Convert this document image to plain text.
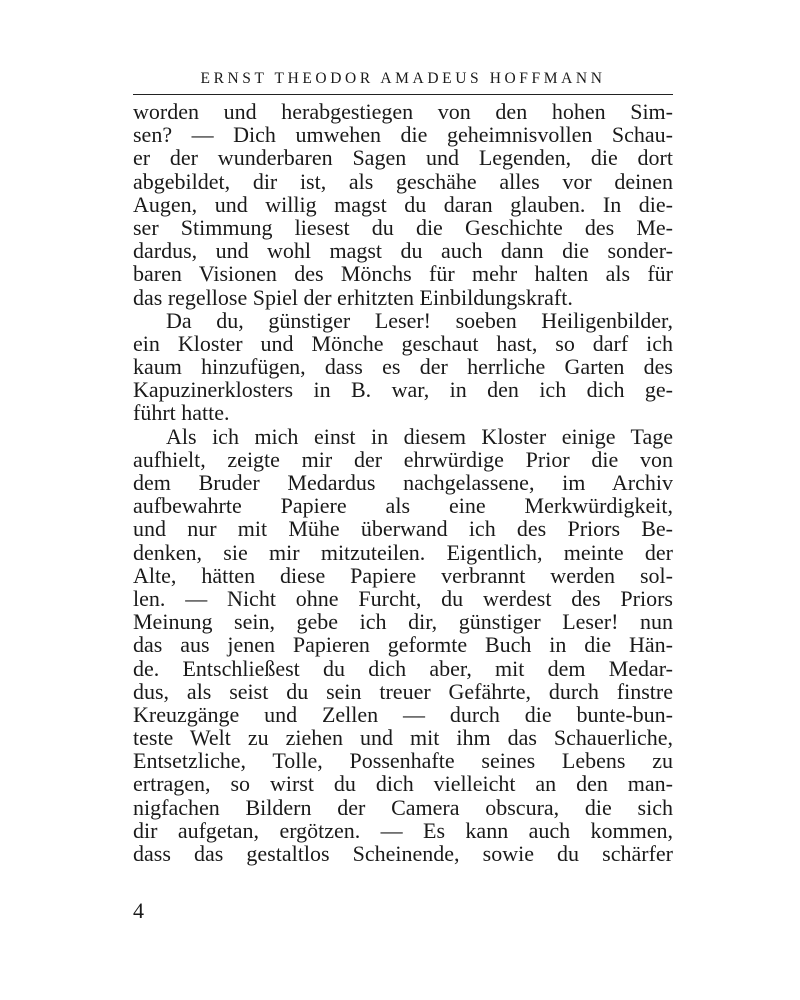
ERNST THEODOR AMADEUS HOFFMANN
worden und herabgestiegen von den hohen Sim-
sen? — Dich umwehen die geheimnisvollen Schau-
er der wunderbaren Sagen und Legenden, die dort
abgebildet, dir ist, als geschähe alles vor deinen
Augen, und willig magst du daran glauben. In die-
ser Stimmung liesest du die Geschichte des Me-
dardus, und wohl magst du auch dann die sonder-
baren Visionen des Mönchs für mehr halten als für
das regellose Spiel der erhitzten Einbildungskraft.
Da du, günstiger Leser! soeben Heiligenbilder,
ein Kloster und Mönche geschaut hast, so darf ich
kaum hinzufügen, dass es der herrliche Garten des
Kapuzinerklosters in B. war, in den ich dich ge-
führt hatte.
Als ich mich einst in diesem Kloster einige Tage
aufhielt, zeigte mir der ehrwürdige Prior die von
dem Bruder Medardus nachgelassene, im Archiv
aufbewahrte Papiere als eine Merkwürdigkeit,
und nur mit Mühe überwand ich des Priors Be-
denken, sie mir mitzuteilen. Eigentlich, meinte der
Alte, hätten diese Papiere verbrannt werden sol-
len. — Nicht ohne Furcht, du werdest des Priors
Meinung sein, gebe ich dir, günstiger Leser! nun
das aus jenen Papieren geformte Buch in die Hän-
de. Entschließest du dich aber, mit dem Medar-
dus, als seist du sein treuer Gefährte, durch finstre
Kreuzgänge und Zellen — durch die bunte-bun-
teste Welt zu ziehen und mit ihm das Schauerliche,
Entsetzliche, Tolle, Possenhafte seines Lebens zu
ertragen, so wirst du dich vielleicht an den man-
nigfachen Bildern der Camera obscura, die sich
dir aufgetan, ergötzen. — Es kann auch kommen,
dass das gestaltlos Scheinende, sowie du schärfer
4
